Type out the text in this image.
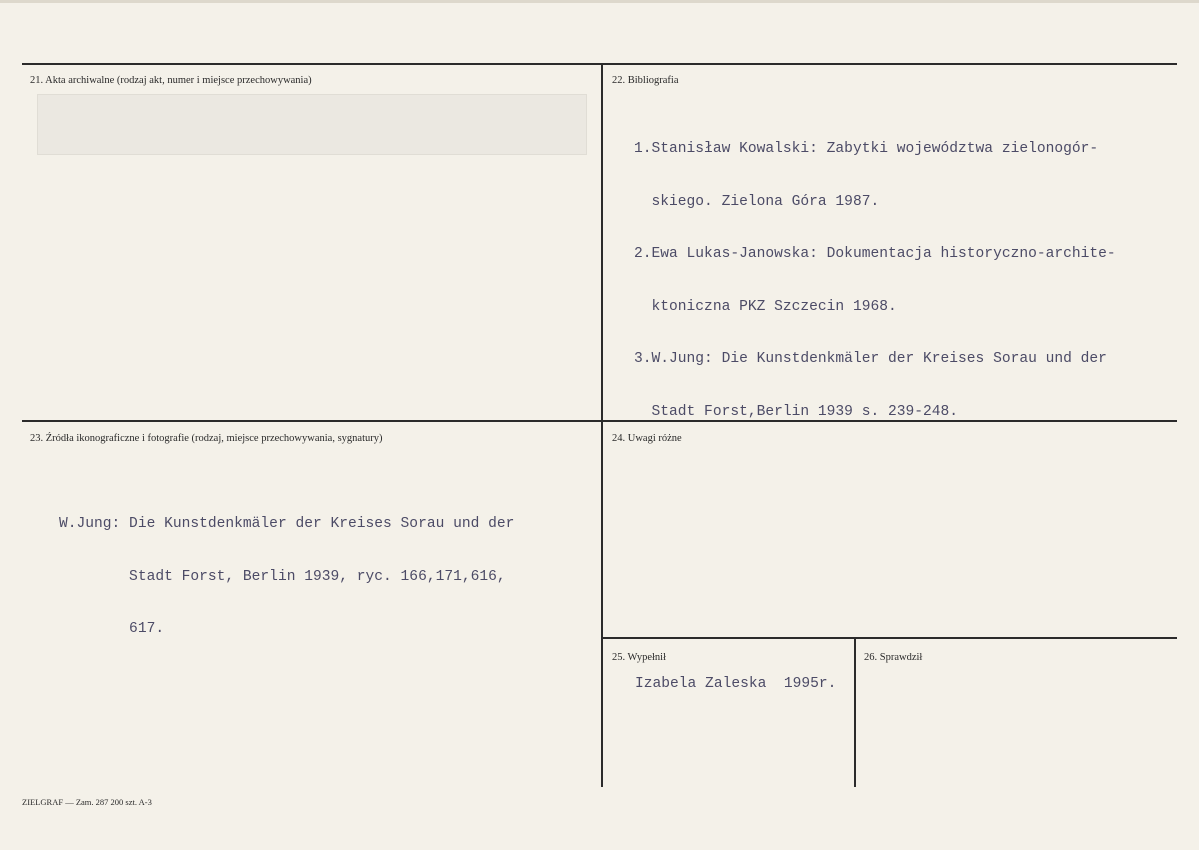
21. Akta archiwalne (rodzaj akt, numer i miejsce przechowywania)	22. Bibliografia

1.Stanisław Kowalski: Zabytki województwa zielonogór-

skiego. Zielona Góra 1987.

2.Ewa Lukas-Janowska: Dokumentacja historyczno-archite-

ktoniczna PKZ Szczecin 1968.

3.W.Jung: Die Kunstdenkmäler der Kreises Sorau und der

Stadt Forst,Berlin 1939 s. 239-248.

23. Źródła ikonograficzne i fotografie (rodzaj, miejsce przechowywania, sygnatury)

W.Jung: Die Kunstdenkmäler der Kreises Sorau und der

Stadt Forst, Berlin 1939, ryc. 166,171,616,

617.

24. Uwagi różne
25. Wypełnił
Izabela Zaleska  1995r.
26. Sprawdził
ZIELGRAF — Zam. 287 200 szt. A-3
